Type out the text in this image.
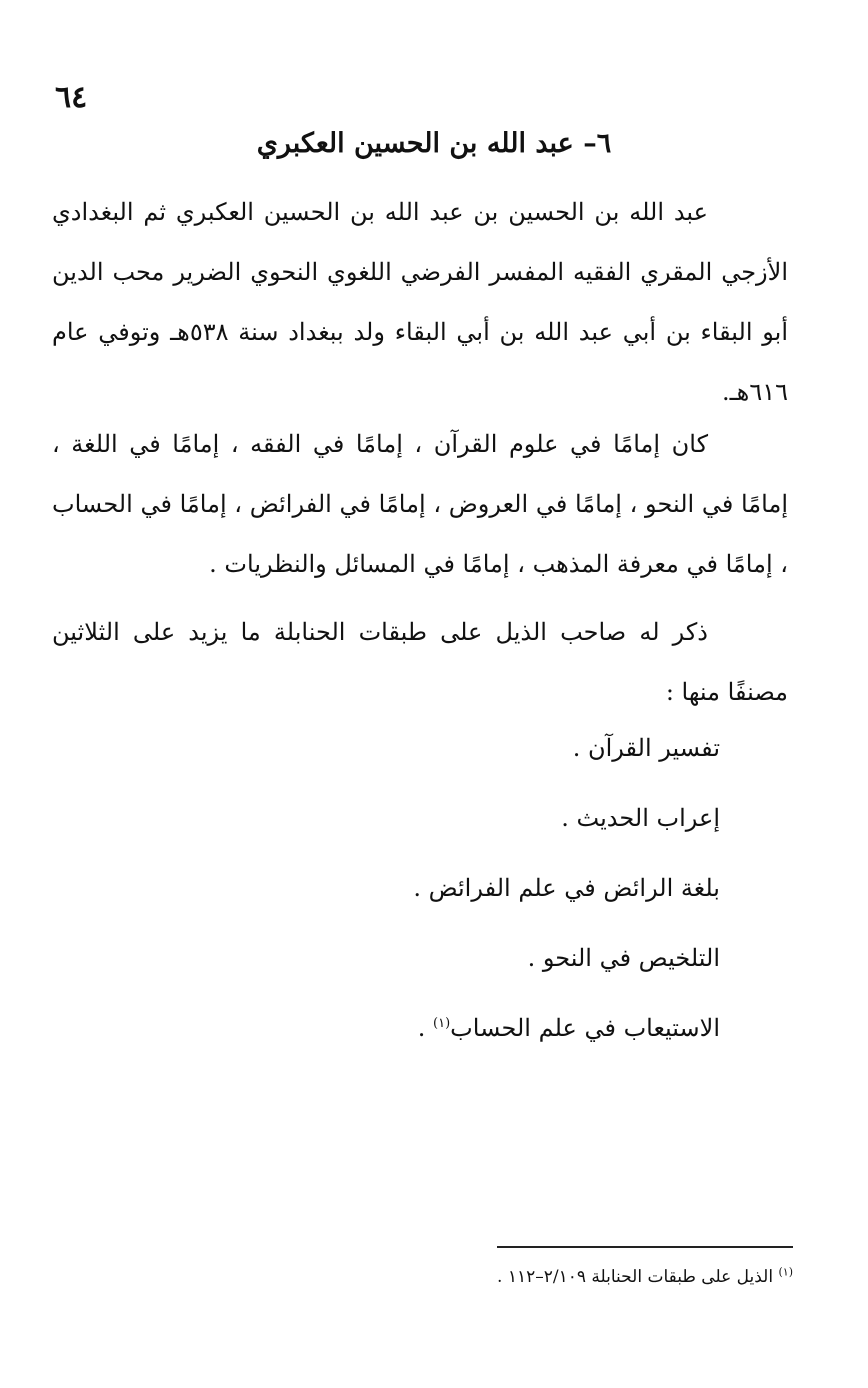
٦٤
٦– عبد الله بن الحسين العكبري

عبد الله بن الحسين بن عبد الله بن الحسين العكبري ثم البغدادي الأزجي المقري الفقيه المفسر الفرضي اللغوي النحوي الضرير محب الدين أبو البقاء بن أبي عبد الله بن أبي البقاء ولد ببغداد سنة ٥٣٨هـ وتوفي عام ٦١٦هـ.

كان إمامًا في علوم القرآن ، إمامًا في الفقه ، إمامًا في اللغة ، إمامًا في النحو ، إمامًا في العروض ، إمامًا في الفرائض ، إمامًا في الحساب ، إمامًا في معرفة المذهب ، إمامًا في المسائل والنظريات .

ذكر له صاحب الذيل على طبقات الحنابلة ما يزيد على الثلاثين مصنفًا منها :

تفسير القرآن .
إعراب الحديث .
بلغة الرائض في علم الفرائض .
التلخيص في النحو .
الاستيعاب في علم الحساب$^{(١)}$ .

$^{(١)}$ الذيل على طبقات الحنابلة ٢/١٠٩–١١٢ .
